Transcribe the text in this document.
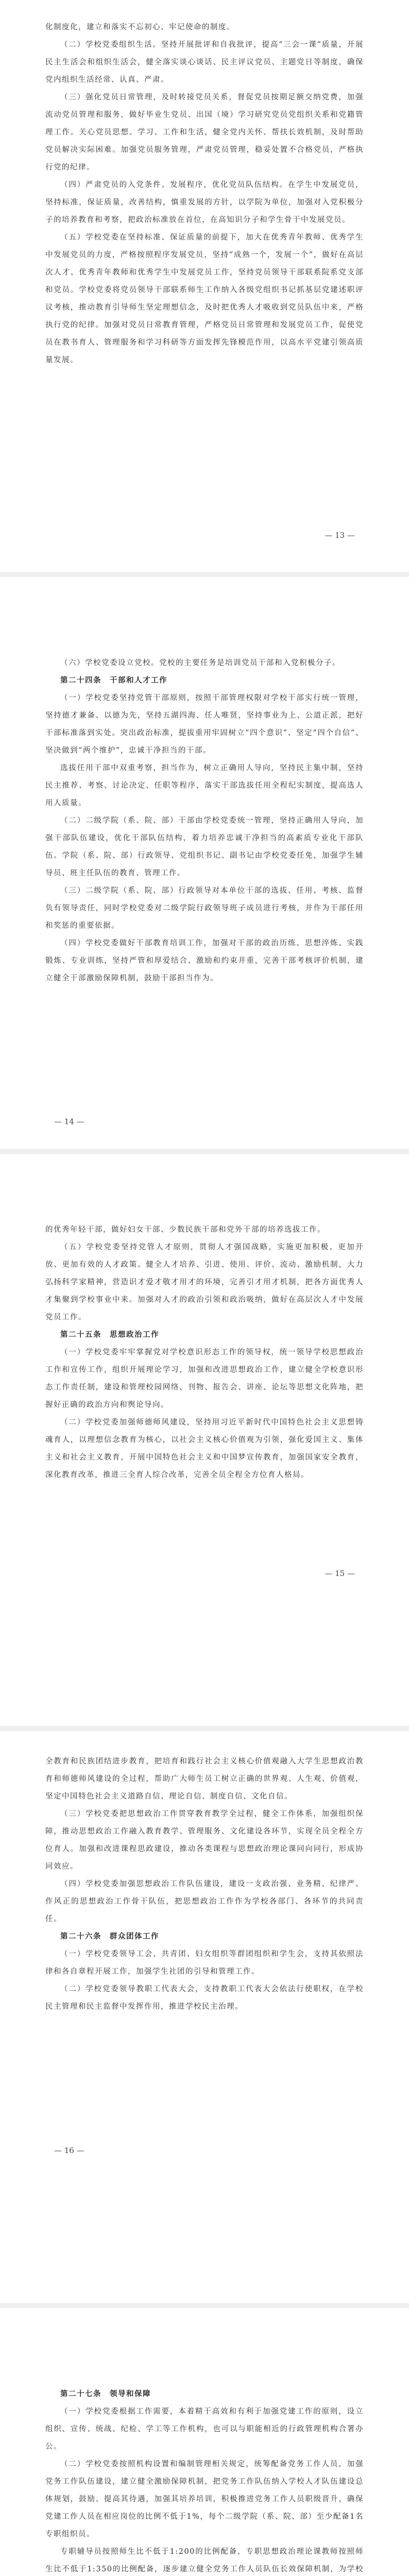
化制度化，建立和落实不忘初心、牢记使命的制度。

（二）学校党委组织生活。坚持开展批评和自我批评，提高“三会一课”质量，开展民主生活会和组织生活会，健全落实谈心谈话、民主评议党员、主题党日等制度，确保党内组织生活经常、认真、严肃。

（三）强化党员日常管理，及时转接党员关系，督促党员按期足额交纳党费，加强流动党员管理和服务，做好毕业生党员、出国（境）学习研究党员党组织关系和党籍管理工作。关心党员思想、学习、工作和生活，健全党内关怀、帮扶长效机制，及时帮助党员解决实际困难。加强党员服务管理，严肃党员管理，稳妥处置不合格党员，严格执行党的纪律。

（四）严肃党员的入党条件、发展程序，优化党员队伍结构。在学生中发展党员，坚持标准，保证质量，改善结构，慎重发展的方针，以学院为单位，加强对入党积极分子的培养教育和考察，把政治标准放在首位，在高知识分子和学生骨干中发展党员。

（五）学校党委在坚持标准、保证质量的前提下，加大在优秀青年教师、优秀学生中发展党员的力度，严格按照程序发展党员，坚持“成熟一个，发展一个”，做好在高层次人才、优秀青年教师和优秀学生中发展党员工作，坚持党员领导干部联系院系党支部和党员。学校党委将党员领导干部联系师生工作纳入各级党组织书记抓基层党建述职评议考核，推动教育引导师生坚定理想信念，及时把优秀人才吸收到党员队伍中来，严格执行党的纪律。加强对党员日常教育管理，严格党员日常管理和发展党员工作，促使党员在教书育人、管理服务和学习科研等方面发挥先锋模范作用，以高水平党建引领高质量发展。

— 13 —

（六）学校党委设立党校。党校的主要任务是培训党员干部和入党积极分子。

第二十四条　干部和人才工作

（一）学校党委坚持党管干部原则，按照干部管理权限对学校干部实行统一管理，坚持德才兼备、以德为先，坚持五湖四海、任人唯贤，坚持事业为上、公道正派，把好干部标准落到实处。突出政治标准，提拔重用牢固树立“四个意识”、坚定“四个自信”、坚决做到“两个维护”，忠诚干净担当的干部。

选拔任用干部中双重考察，担当作为，树立正确用人导向，坚持民主集中制，坚持民主推荐、考察、讨论决定、任职等程序，落实干部选拔任用全程纪实制度，提高选人用人质量。

（二）二级学院（系、院、部）干部由学校党委统一管理，坚持正确用人导向，加强干部队伍建设，优化干部队伍结构，着力培养忠诚干净担当的高素质专业化干部队伍。学院（系、院、部）行政领导、党组织书记、副书记由学校党委任免，加强学生辅导员、班主任队伍的教育、管理工作。

（三）二级学院（系、院、部）行政领导对本单位干部的选拔、任用、考核、监督负有领导责任，同时学校党委对二级学院行政领导班子成员进行考核，并作为干部任用和奖惩的重要依据。

（四）学校党委做好干部教育培训工作，加强对干部的政治历练、思想淬炼、实践锻炼、专业训练，坚持严管和厚爱结合、激励和约束并重，完善干部考核评价机制，建立健全干部激励保障机制，鼓励干部担当作为。

— 14 —

的优秀年轻干部，做好妇女干部、少数民族干部和党外干部的培养选拔工作。

（五）学校党委坚持党管人才原则，贯彻人才强国战略，实施更加积极、更加开放、更加有效的人才政策。健全人才培养、引进、使用、评价、流动、激励机制，大力弘扬科学家精神，营造识才爱才敬才用才的环境，完善引才用才机制，把各方面优秀人才集聚到学校事业中来。加强对人才的政治引领和政治吸纳，做好在高层次人才中发展党员工作。

第二十五条　思想政治工作

（一）学校党委牢牢掌握党对学校意识形态工作的领导权，统一领导学校思想政治工作和宣传工作，组织开展理论学习，加强和改进思想政治工作，建立健全学校意识形态工作责任制，建设和管理校园网络、刊物、报告会、讲座、论坛等思想文化阵地，把握好正确的政治方向和舆论导向。

（二）学校党委加强师德师风建设，坚持用习近平新时代中国特色社会主义思想铸魂育人，以理想信念教育为核心，以社会主义核心价值观为引领，强化爱国主义、集体主义和社会主义教育，开展中国特色社会主义和中国梦宣传教育，加强国家安全教育，深化教育改革，推进三全育人综合改革，完善全员全程全方位育人格局。

— 15 —

全教育和民族团结进步教育，把培育和践行社会主义核心价值观融入大学生思想政治教育和师德师风建设的全过程，帮助广大师生员工树立正确的世界观、人生观、价值观，坚定中国特色社会主义道路自信、理论自信、制度自信、文化自信。

（三）学校党委把思想政治工作贯穿教育教学全过程，健全工作体系，加强组织保障，推动思想政治工作融入教育教学、管理服务、文化建设各环节，实现全员全程全方位育人。加强和改进课程思政建设，推动各类课程与思想政治理论课同向同行，形成协同效应。

（四）学校党委加强思想政治工作队伍建设，建设一支政治强、业务精、纪律严、作风正的思想政治工作骨干队伍，把思想政治工作作为学校各部门、各环节的共同责任。

第二十六条　群众团体工作

（一）学校党委领导工会、共青团、妇女组织等群团组织和学生会，支持其依照法律和各自章程开展工作，加强学生社团的引导和管理工作。

（二）学校党委领导教职工代表大会，支持教职工代表大会依法行使职权，在学校民主管理和民主监督中发挥作用，推进学校民主治理。

— 16 —

第二十七条　领导和保障

（一）学校党委根据工作需要，本着精干高效和有利于加强党建工作的原则，设立组织、宣传、统战、纪检、学工等工作机构，也可以与职能相近的行政管理机构合署办公。

（二）学校党委按照机构设置和编制管理相关规定，统筹配备党务工作人员，加强党务工作队伍建设，建立健全激励保障机制，把党务工作队伍纳入学校人才队伍建设总体规划，鼓励、提高其待遇，加强其培养培训，积极推进党务工作人员职级晋升，确保党建工作人员在相应岗位的比例不低于1%，每个二级学院（系、院、部）至少配备1名专职组织员。

专职辅导员按照师生比不低于1:200的比例配备，专职思想政治理论课教师按照师生比不低于1:350的比例配备，逐步建立健全党务工作人员队伍长效保障机制，为学校
